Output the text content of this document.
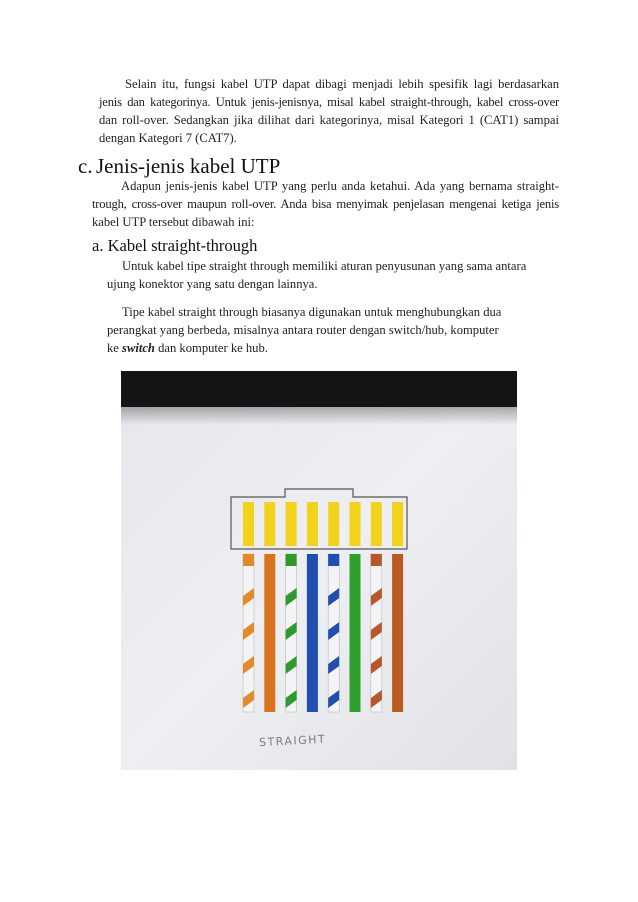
Selain itu, fungsi kabel UTP dapat dibagi menjadi lebih spesifik lagi berdasarkan
jenis dan kategorinya. Untuk jenis-jenisnya, misal kabel straight-through, kabel cross-over
dan roll-over. Sedangkan jika dilihat dari kategorinya, misal Kategori 1 (CAT1) sampai
dengan Kategori 7 (CAT7).
c. Jenis-jenis kabel UTP
Adapun jenis-jenis kabel UTP yang perlu anda ketahui. Ada yang bernama straight-
trough, cross-over maupun roll-over. Anda bisa menyimak penjelasan mengenai ketiga jenis
kabel UTP tersebut dibawah ini:
a. Kabel straight-through
Untuk kabel tipe straight through memiliki aturan penyusunan yang sama antara
ujung konektor yang satu dengan lainnya.
Tipe kabel straight through biasanya digunakan untuk menghubungkan dua
perangkat yang berbeda, misalnya antara router dengan switch/hub, komputer
ke switch dan komputer ke hub.
STRAIGHT
